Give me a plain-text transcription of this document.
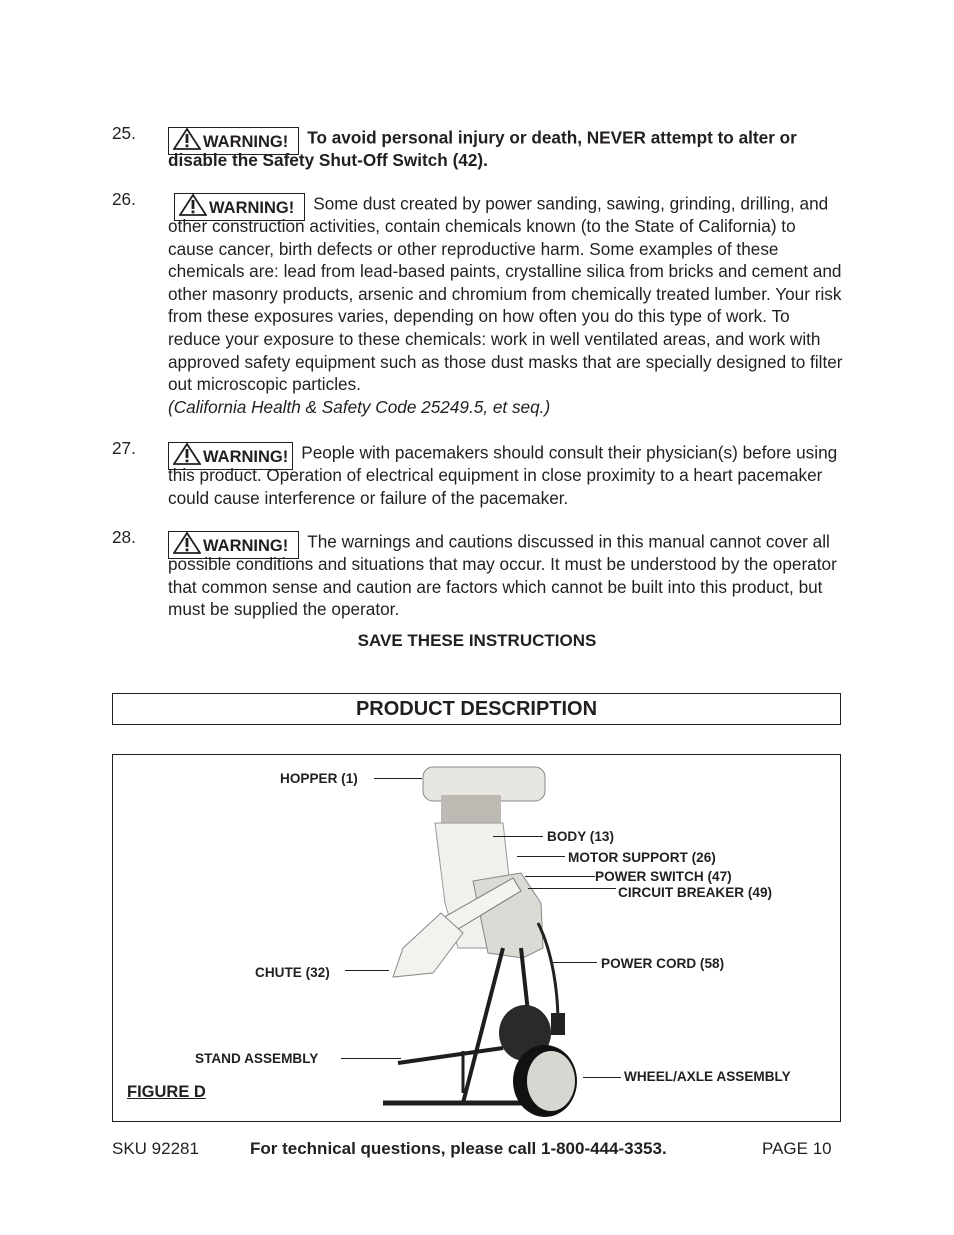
25.	WARNING! To avoid personal injury or death, NEVER attempt to alter or disable the Safety Shut-Off Switch (42).
26.	WARNING! Some dust created by power sanding, sawing, grinding, drilling, and other construction activities, contain chemicals known (to the State of California) to cause cancer, birth defects or other reproductive harm. Some examples of these chemicals are: lead from lead-based paints, crystalline silica from bricks and cement and other masonry products, arsenic and chromium from chemically treated lumber. Your risk from these exposures varies, depending on how often you do this type of work. To reduce your exposure to these chemicals: work in well ventilated areas, and work with approved safety equipment such as those dust masks that are specially designed to filter out microscopic particles.
(California Health & Safety Code 25249.5, et seq.)
27.	WARNING! People with pacemakers should consult their physician(s) before using this product. Operation of electrical equipment in close proximity to a heart pacemaker could cause interference or failure of the pacemaker.
28.	WARNING! The warnings and cautions discussed in this manual cannot cover all possible conditions and situations that may occur. It must be understood by the operator that common sense and caution are factors which cannot be built into this product, but must be supplied the operator.
SAVE THESE INSTRUCTIONS
PRODUCT DESCRIPTION
HOPPER (1)
BODY (13)
MOTOR SUPPORT (26)
POWER SWITCH (47)
CIRCUIT BREAKER (49)
POWER CORD (58)
CHUTE (32)
STAND ASSEMBLY
WHEEL/AXLE ASSEMBLY
FIGURE D
SKU 92281	For technical questions, please call 1-800-444-3353.	PAGE 10
